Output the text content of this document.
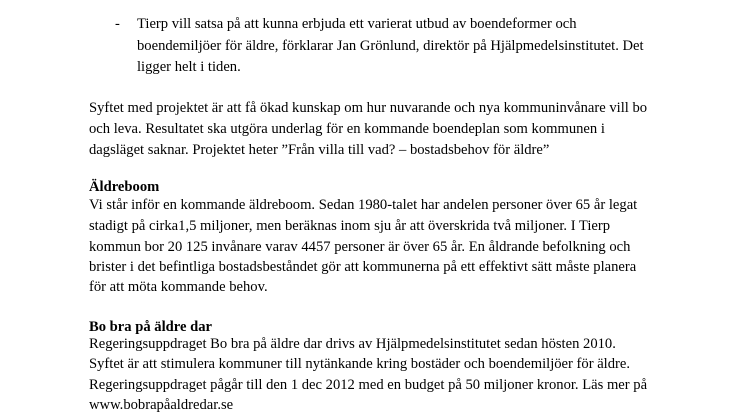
- Tierp vill satsa på att kunna erbjuda ett varierat utbud av boendeformer och
boendemiljöer för äldre, förklarar Jan Grönlund, direktör på Hjälpmedelsinstitutet. Det
ligger helt i tiden.
Syftet med projektet är att få ökad kunskap om hur nuvarande och nya kommuninvånare vill bo
och leva. Resultatet ska utgöra underlag för en kommande boendeplan som kommunen i
dagsläget saknar. Projektet heter ”Från villa till vad? – bostadsbehov för äldre”
Äldreboom
Vi står inför en kommande äldreboom. Sedan 1980-talet har andelen personer över 65 år legat
stadigt på cirka1,5 miljoner, men beräknas inom sju år att överskrida två miljoner. I Tierp
kommun bor 20 125 invånare varav 4457 personer är över 65 år. En åldrande befolkning och
brister i det befintliga bostadsbeståndet gör att kommunerna på ett effektivt sätt måste planera
för att möta kommande behov.
Bo bra på äldre dar
Regeringsuppdraget Bo bra på äldre dar drivs av Hjälpmedelsinstitutet sedan hösten 2010.
Syftet är att stimulera kommuner till nytänkande kring bostäder och boendemiljöer för äldre.
Regeringsuppdraget pågår till den 1 dec 2012 med en budget på 50 miljoner kronor. Läs mer på
www.bobrapåaldredar.se
